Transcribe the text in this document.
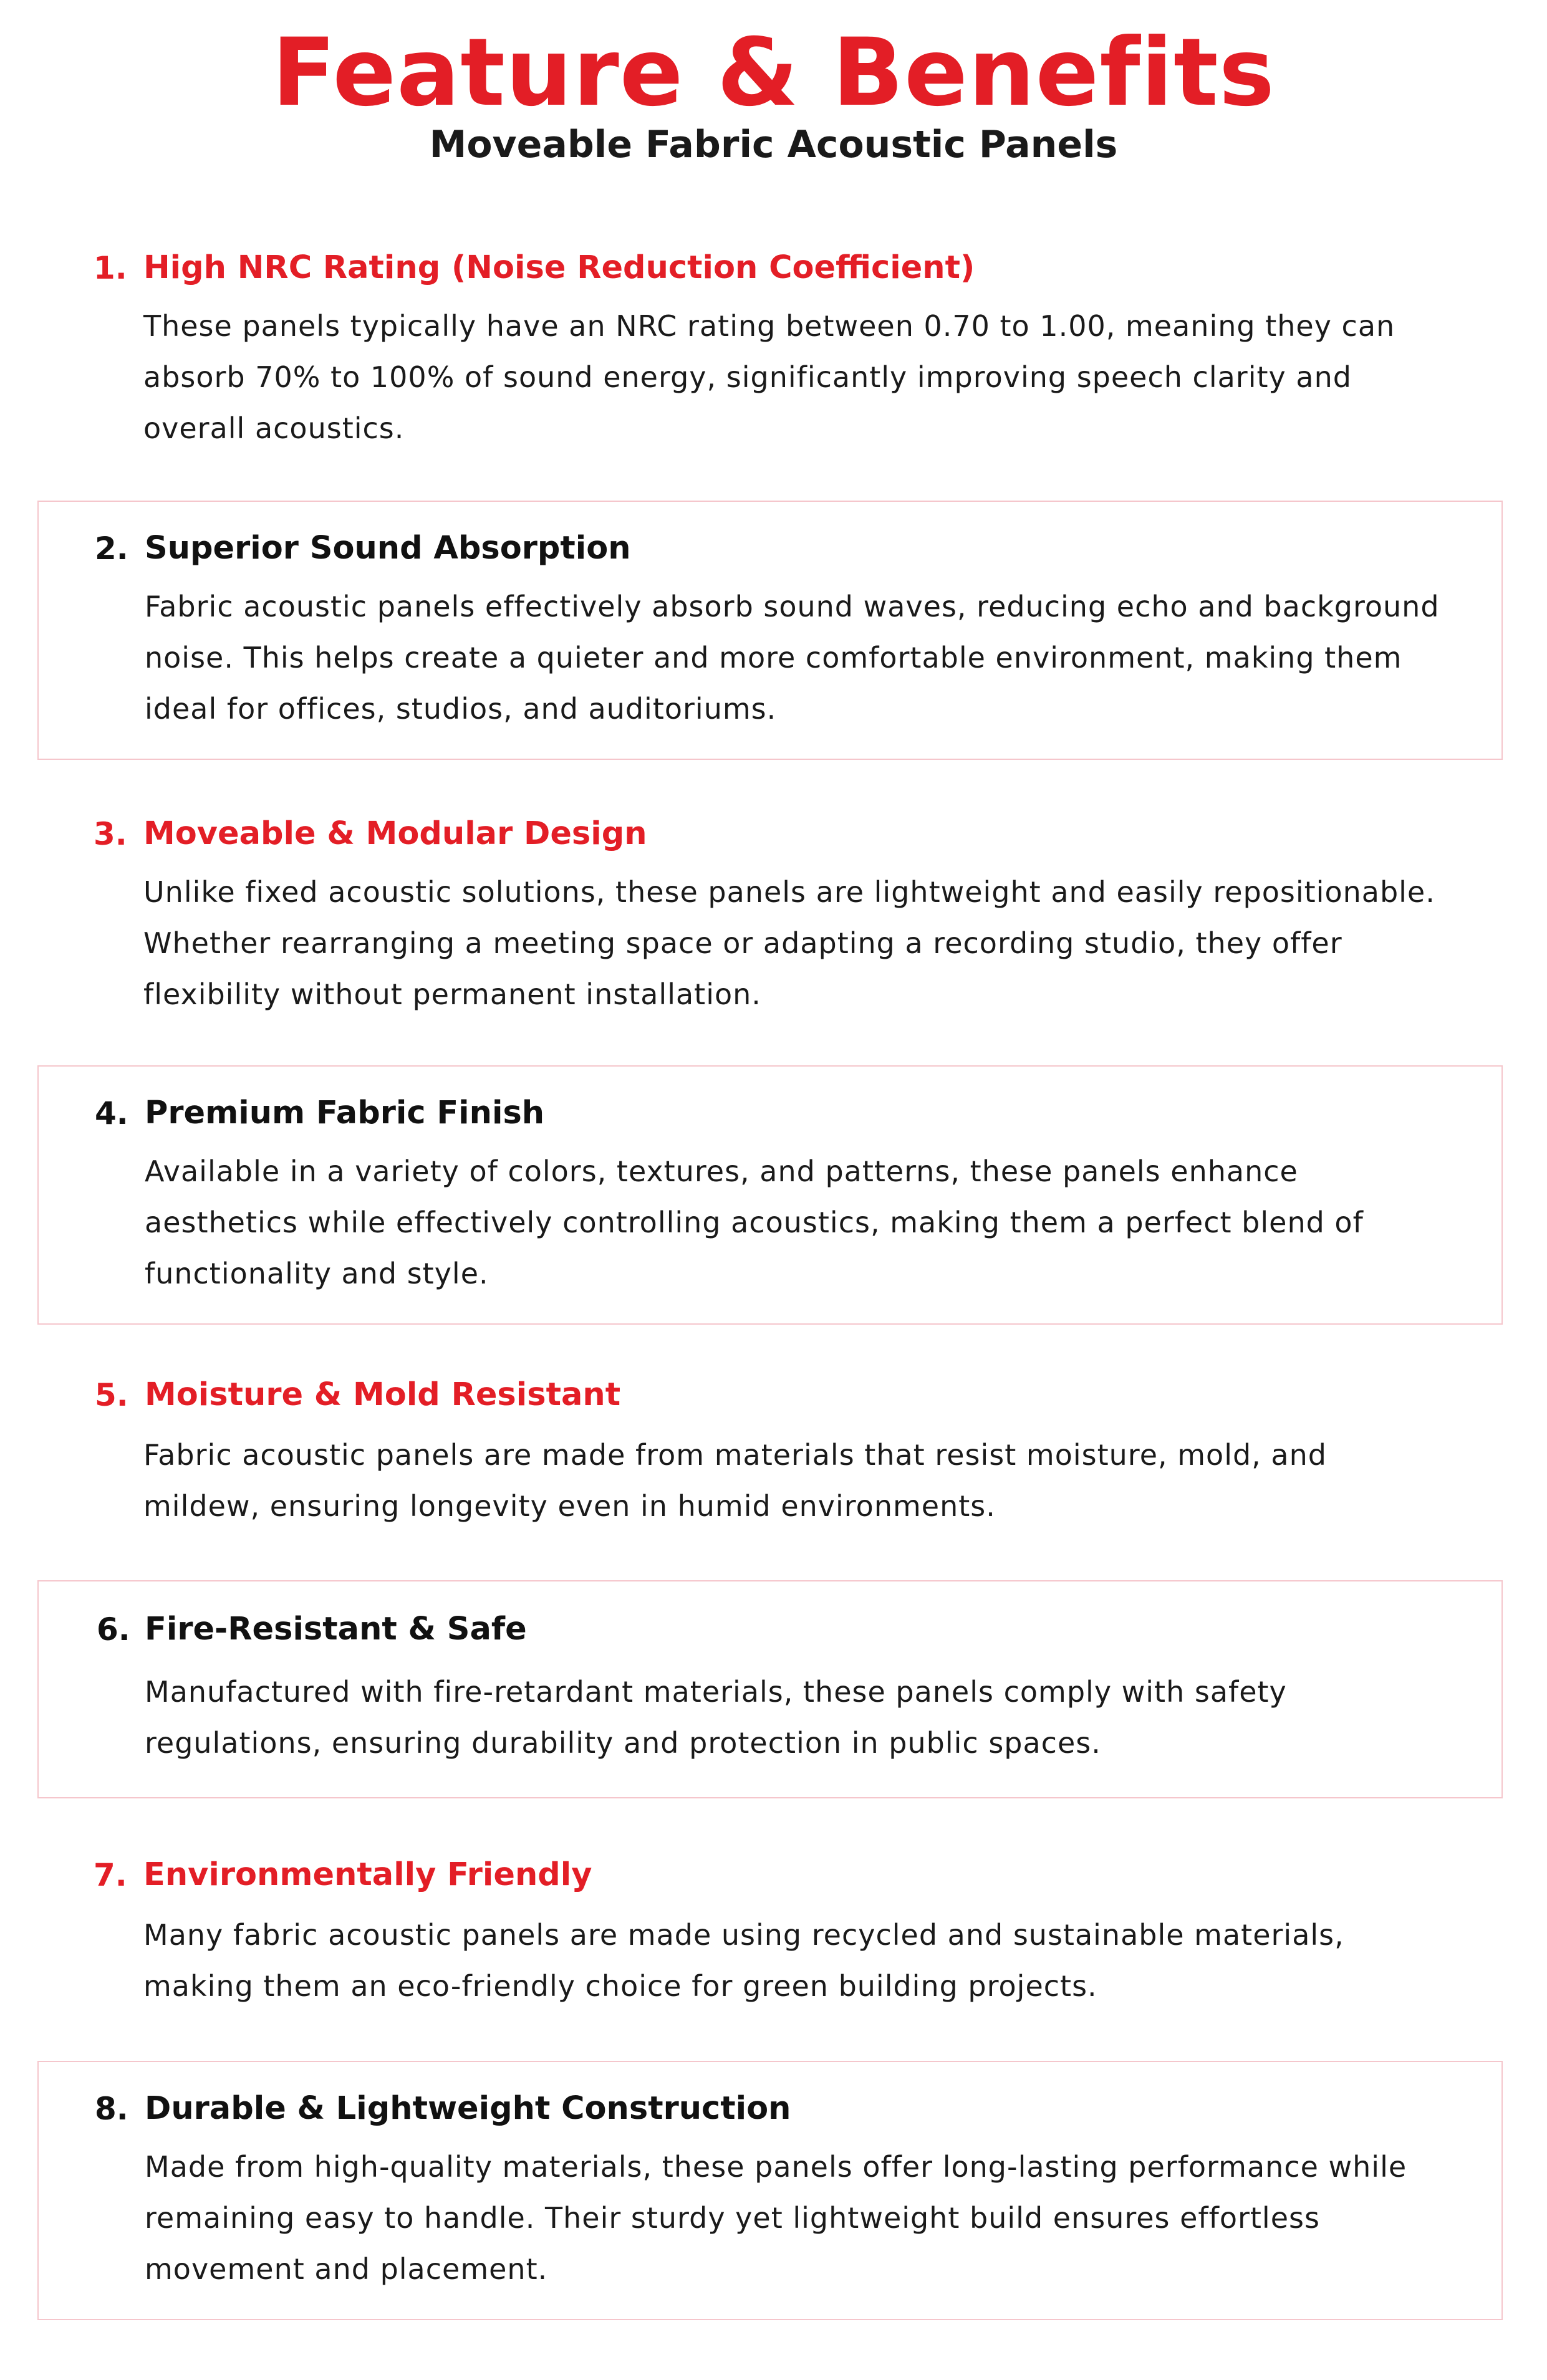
Feature & Benefits
Moveable Fabric Acoustic Panels
1. High NRC Rating (Noise Reduction Coefficient)
These panels typically have an NRC rating between 0.70 to 1.00, meaning they can
absorb 70% to 100% of sound energy, significantly improving speech clarity and
overall acoustics.
2. Superior Sound Absorption
Fabric acoustic panels effectively absorb sound waves, reducing echo and background
noise. This helps create a quieter and more comfortable environment, making them
ideal for offices, studios, and auditoriums.
3. Moveable & Modular Design
Unlike fixed acoustic solutions, these panels are lightweight and easily repositionable.
Whether rearranging a meeting space or adapting a recording studio, they offer
flexibility without permanent installation.
4. Premium Fabric Finish
Available in a variety of colors, textures, and patterns, these panels enhance
aesthetics while effectively controlling acoustics, making them a perfect blend of
functionality and style.
5. Moisture & Mold Resistant
Fabric acoustic panels are made from materials that resist moisture, mold, and
mildew, ensuring longevity even in humid environments.
6. Fire-Resistant & Safe
Manufactured with fire-retardant materials, these panels comply with safety
regulations, ensuring durability and protection in public spaces.
7. Environmentally Friendly
Many fabric acoustic panels are made using recycled and sustainable materials,
making them an eco-friendly choice for green building projects.
8. Durable & Lightweight Construction
Made from high-quality materials, these panels offer long-lasting performance while
remaining easy to handle. Their sturdy yet lightweight build ensures effortless
movement and placement.
